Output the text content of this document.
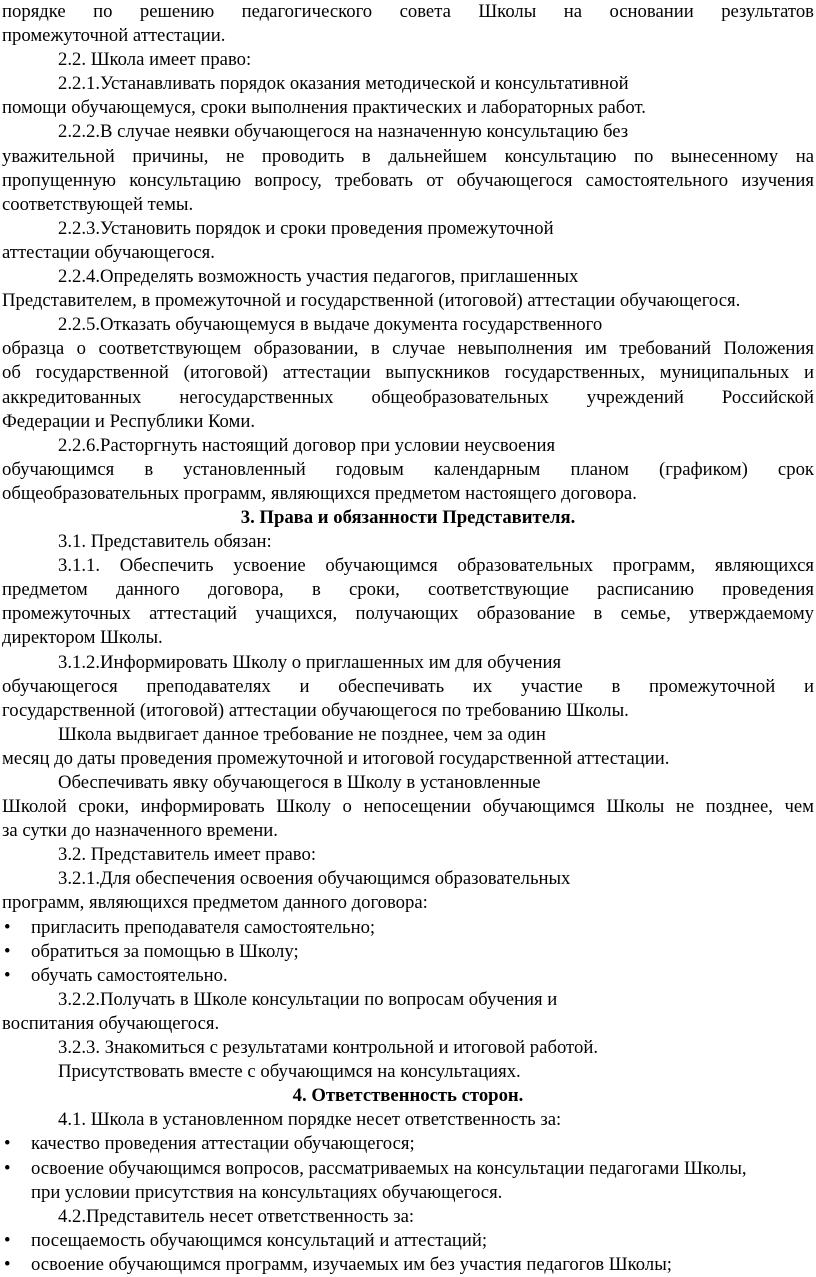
порядке по решению педагогического совета Школы на основании результатов

промежуточной аттестации.

2.2. Школа имеет право:

2.2.1.Устанавливать порядок оказания методической и консультативной

помощи обучающемуся, сроки выполнения практических и лабораторных работ.

2.2.2.В случае неявки обучающегося на назначенную консультацию без

уважительной причины, не проводить в дальнейшем консультацию по вынесенному на

пропущенную консультацию вопросу, требовать от обучающегося самостоятельного изучения

соответствующей темы.

2.2.3.Установить порядок и сроки проведения промежуточной

аттестации обучающегося.

2.2.4.Определять возможность участия педагогов, приглашенных

Представителем, в промежуточной и государственной (итоговой) аттестации обучающегося.

2.2.5.Отказать обучающемуся в выдаче документа государственного

образца о соответствующем образовании, в случае невыполнения им требований Положения

об государственной (итоговой) аттестации выпускников государственных, муниципальных и

аккредитованных негосударственных общеобразовательных учреждений Российской

Федерации и Республики Коми.

2.2.6.Расторгнуть настоящий договор при условии неусвоения

обучающимся в установленный годовым календарным планом (графиком) срок

общеобразовательных программ, являющихся предметом настоящего договора.

3. Права и обязанности Представителя.

3.1. Представитель обязан:

3.1.1. Обеспечить усвоение обучающимся образовательных программ, являющихся

предметом данного договора, в сроки, соответствующие расписанию проведения

промежуточных аттестаций учащихся, получающих образование в семье, утверждаемому

директором Школы.

3.1.2.Информировать Школу о приглашенных им для обучения

обучающегося преподавателях и обеспечивать их участие в промежуточной и

государственной (итоговой) аттестации обучающегося по требованию Школы.

Школа выдвигает данное требование не позднее, чем за один

месяц до даты проведения промежуточной и итоговой государственной аттестации.

Обеспечивать явку обучающегося в Школу в установленные

Школой сроки, информировать Школу о непосещении обучающимся Школы не позднее, чем

за сутки до назначенного времени.

3.2. Представитель имеет право:

3.2.1.Для обеспечения освоения обучающимся образовательных

программ, являющихся предметом данного договора:

пригласить преподавателя самостоятельно;

обратиться за помощью в Школу;

обучать самостоятельно.

3.2.2.Получать в Школе консультации по вопросам обучения и

воспитания обучающегося.

3.2.3. Знакомиться с результатами контрольной и итоговой работой.

Присутствовать вместе с обучающимся на консультациях.

4. Ответственность сторон.

4.1. Школа в установленном порядке несет ответственность за:

качество проведения аттестации обучающегося;

освоение обучающимся вопросов, рассматриваемых на консультации педагогами Школы,

при условии присутствия на консультациях обучающегося.

4.2.Представитель несет ответственность за:

посещаемость обучающимся консультаций и аттестаций;

освоение обучающимся программ, изучаемых им без участия педагогов Школы;
